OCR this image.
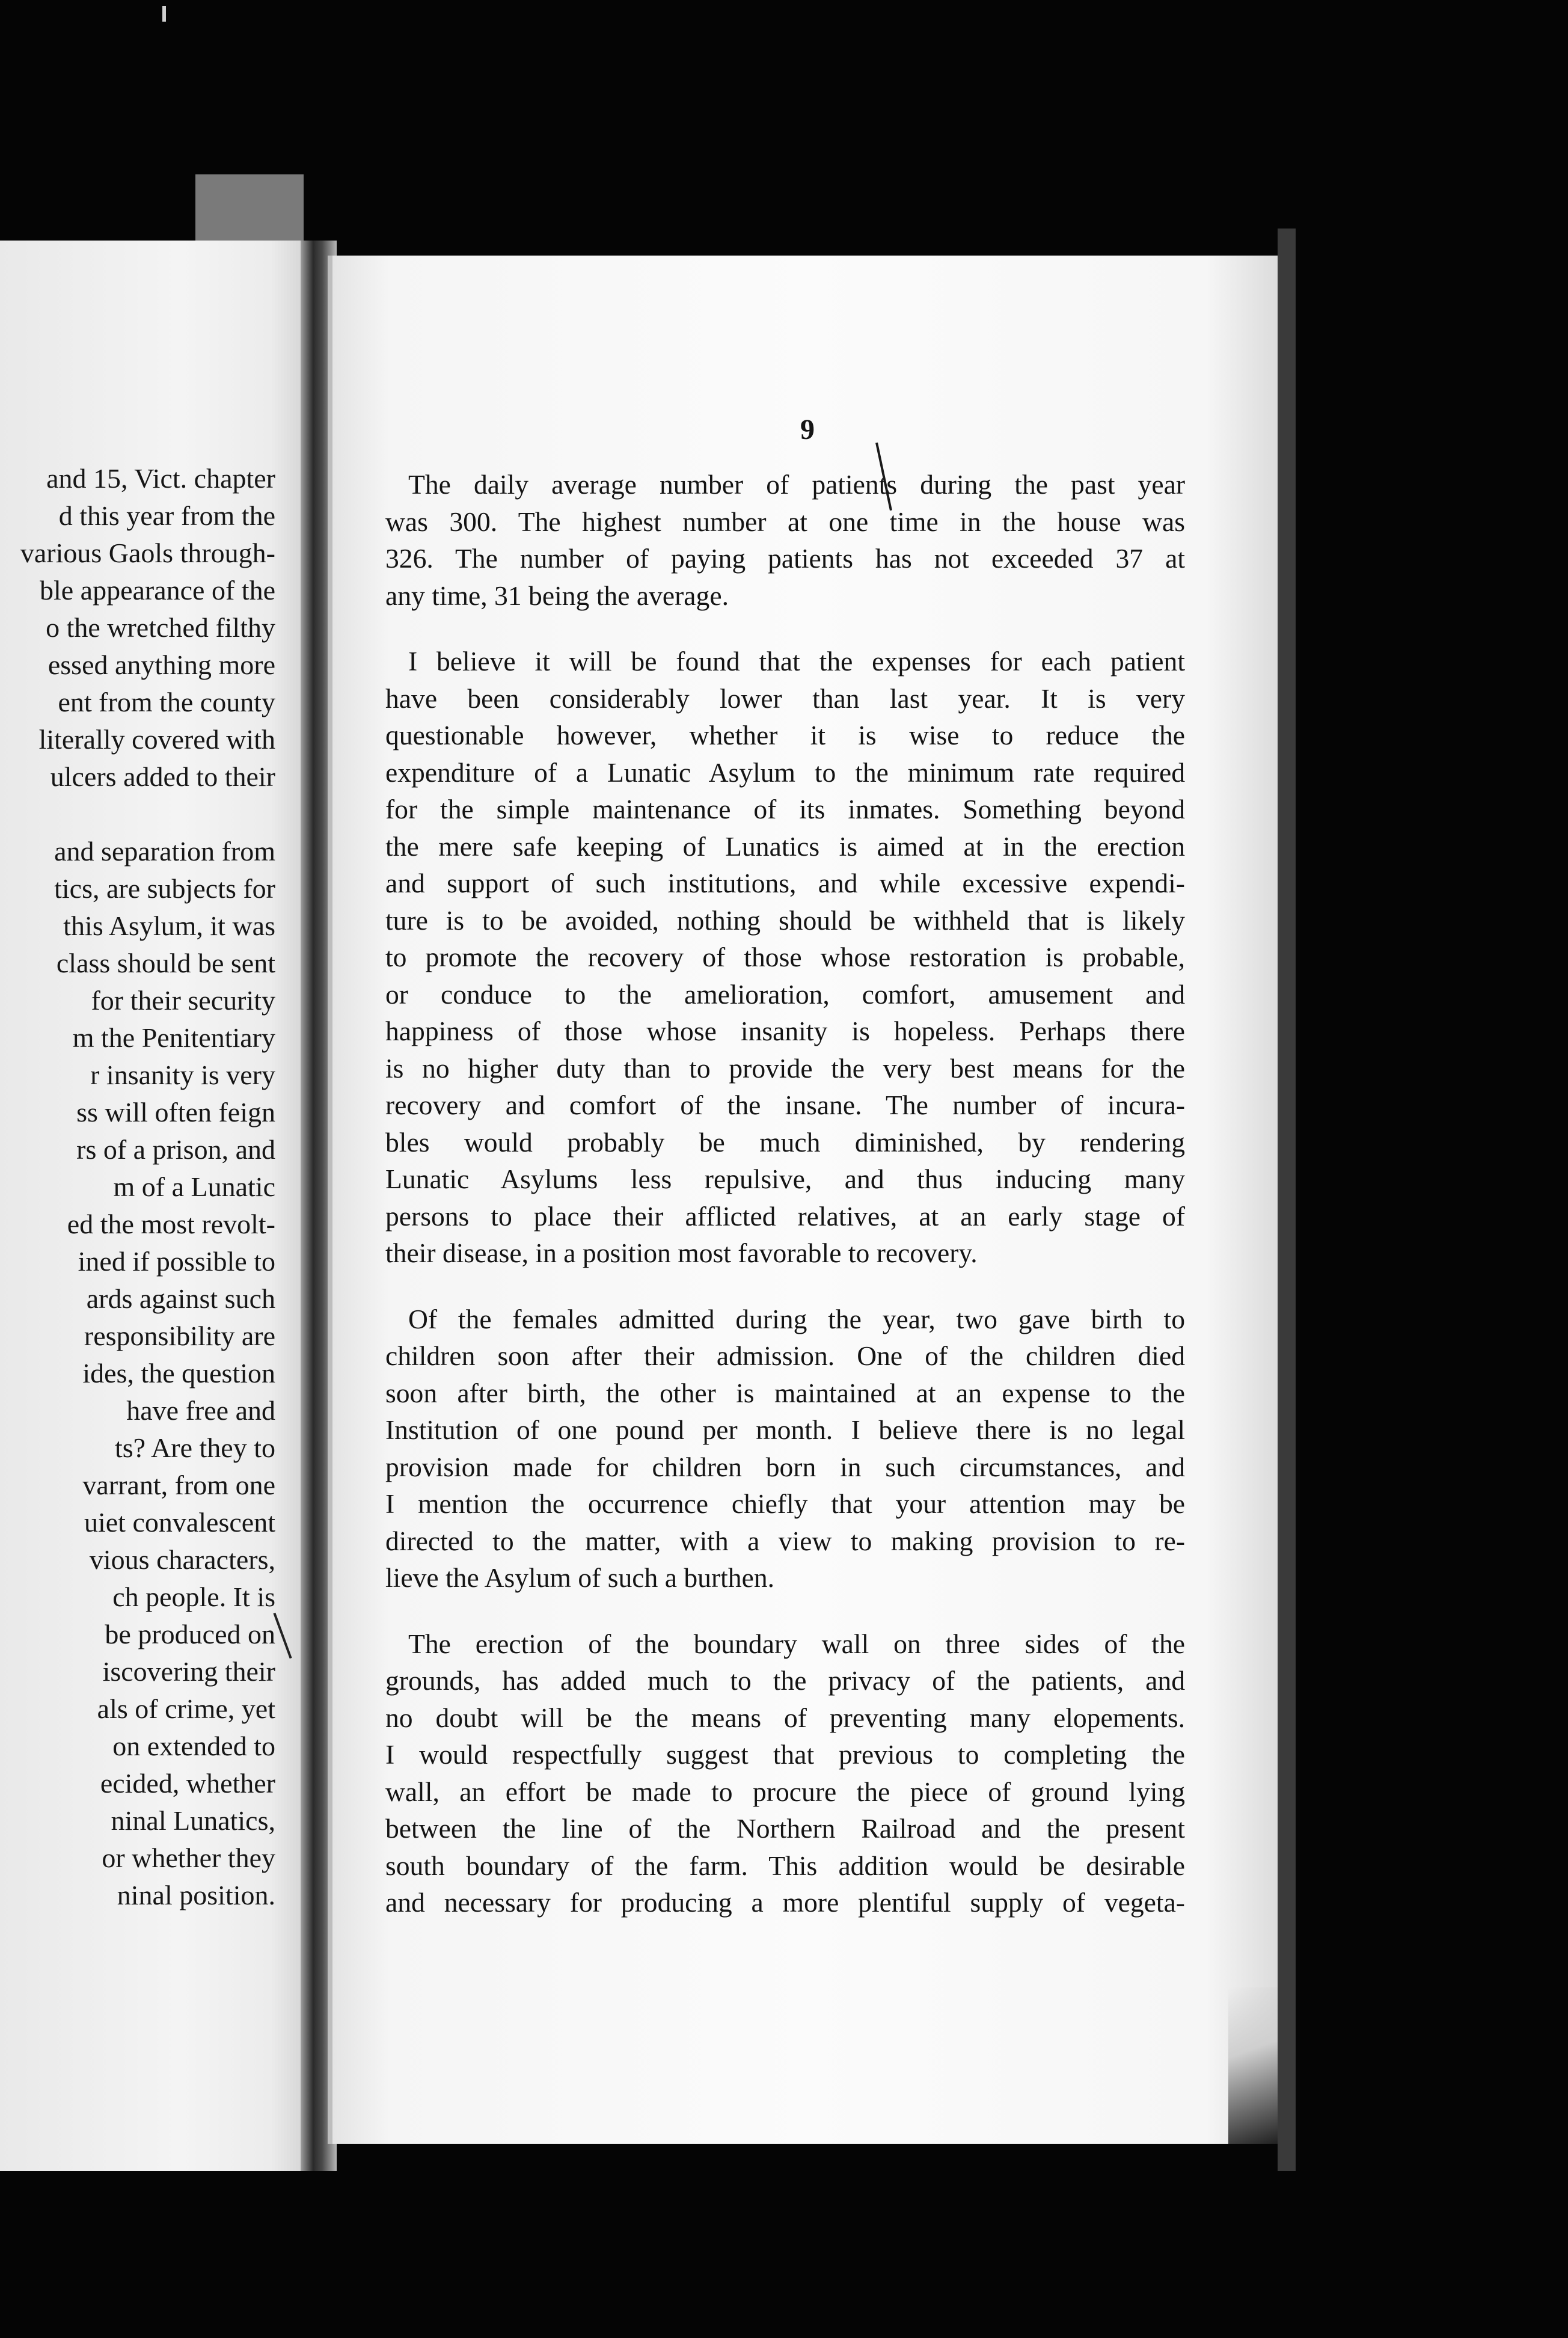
and 15, Vict. chapter
d this year from the
various Gaols through-
ble appearance of the
o the wretched filthy
essed anything more
ent from the county
literally covered with
ulcers added to their
and separation from
tics, are subjects for
this Asylum, it was
class should be sent
for their security
m the Penitentiary
r insanity is very
ss will often feign
rs of a prison, and
m of a Lunatic
ed the most revolt-
ined if possible to
ards against such
responsibility are
ides, the question
have free and
ts? Are they to
varrant, from one
uiet convalescent
vious characters,
ch people. It is
be produced on
iscovering their
als of crime, yet
on extended to
ecided, whether
ninal Lunatics,
or whether they
ninal position.
9
The daily average number of patients during the past year
was 300. The highest number at one time in the house was
326. The number of paying patients has not exceeded 37 at
any time, 31 being the average.
I believe it will be found that the expenses for each patient
have been considerably lower than last year. It is very
questionable however, whether it is wise to reduce the
expenditure of a Lunatic Asylum to the minimum rate required
for the simple maintenance of its inmates. Something beyond
the mere safe keeping of Lunatics is aimed at in the erection
and support of such institutions, and while excessive expendi-
ture is to be avoided, nothing should be withheld that is likely
to promote the recovery of those whose restoration is probable,
or conduce to the amelioration, comfort, amusement and
happiness of those whose insanity is hopeless. Perhaps there
is no higher duty than to provide the very best means for the
recovery and comfort of the insane. The number of incura-
bles would probably be much diminished, by rendering
Lunatic Asylums less repulsive, and thus inducing many
persons to place their afflicted relatives, at an early stage of
their disease, in a position most favorable to recovery.
Of the females admitted during the year, two gave birth to
children soon after their admission. One of the children died
soon after birth, the other is maintained at an expense to the
Institution of one pound per month. I believe there is no legal
provision made for children born in such circumstances, and
I mention the occurrence chiefly that your attention may be
directed to the matter, with a view to making provision to re-
lieve the Asylum of such a burthen.
The erection of the boundary wall on three sides of the
grounds, has added much to the privacy of the patients, and
no doubt will be the means of preventing many elopements.
I would respectfully suggest that previous to completing the
wall, an effort be made to procure the piece of ground lying
between the line of the Northern Railroad and the present
south boundary of the farm. This addition would be desirable
and necessary for producing a more plentiful supply of vegeta-
